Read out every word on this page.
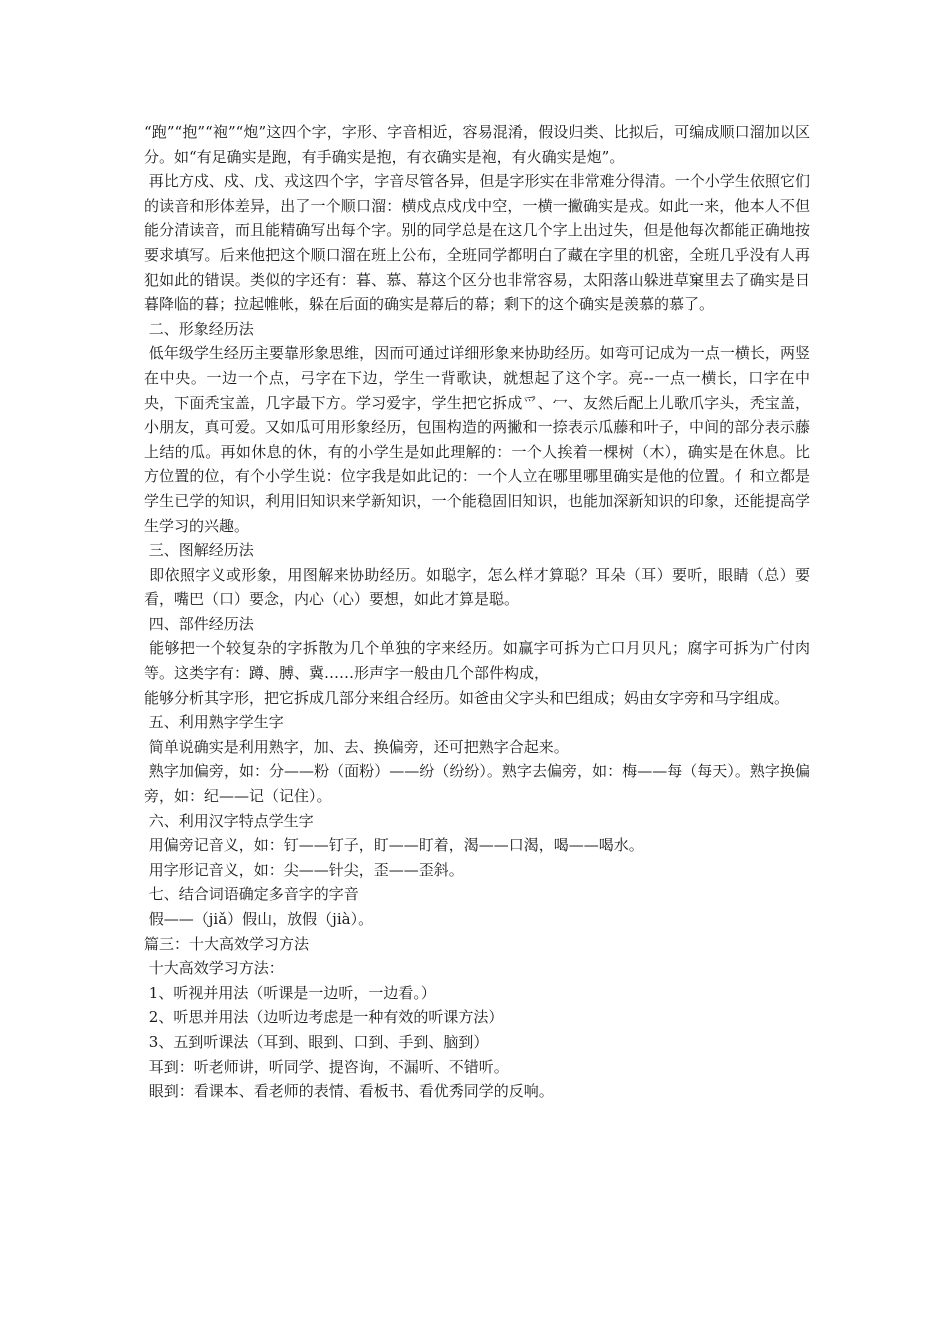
“跑”“抱”“袍”“炮”这四个字，字形、字音相近，容易混淆，假设归类、比拟后，可编成顺口溜加以区分。如“有足确实是跑，有手确实是抱，有衣确实是袍，有火确实是炮”。

再比方戍、戍、戊、戎这四个字，字音尽管各异，但是字形实在非常难分得清。一个小学生依照它们的读音和形体差异，出了一个顺口溜：横戍点戍戊中空，一横一撇确实是戎。如此一来，他本人不但能分清读音，而且能精确写出每个字。别的同学总是在这几个字上出过失，但是他每次都能正确地按要求填写。后来他把这个顺口溜在班上公布，全班同学都明白了藏在字里的机密，全班几乎没有人再犯如此的错误。类似的字还有：暮、慕、幕这个区分也非常容易，太阳落山躲进草窠里去了确实是日暮降临的暮；拉起帷帐，躲在后面的确实是幕后的幕；剩下的这个确实是羡慕的慕了。

二、形象经历法

低年级学生经历主要靠形象思维，因而可通过详细形象来协助经历。如弯可记成为一点一横长，两竖在中央。一边一个点，弓字在下边，学生一背歌诀，就想起了这个字。亮--一点一横长，口字在中央，下面秃宝盖，几字最下方。学习爱字，学生把它拆成爫、冖、友然后配上儿歌爪字头，秃宝盖，小朋友，真可爱。又如瓜可用形象经历，包围构造的两撇和一捺表示瓜藤和叶子，中间的部分表示藤上结的瓜。再如休息的休，有的小学生是如此理解的：一个人挨着一棵树（木），确实是在休息。比方位置的位，有个小学生说：位字我是如此记的：一个人立在哪里哪里确实是他的位置。亻和立都是学生已学的知识，利用旧知识来学新知识，一个能稳固旧知识，也能加深新知识的印象，还能提高学生学习的兴趣。

三、图解经历法

即依照字义或形象，用图解来协助经历。如聪字，怎么样才算聪？耳朵（耳）要听，眼睛（总）要看，嘴巴（口）要念，内心（心）要想，如此才算是聪。

四、部件经历法

能够把一个较复杂的字拆散为几个单独的字来经历。如赢字可拆为亡口月贝凡；腐字可拆为广付肉等。这类字有：蹲、膊、冀……形声字一般由几个部件构成，

能够分析其字形，把它拆成几部分来组合经历。如爸由父字头和巴组成；妈由女字旁和马字组成。

五、利用熟字学生字

简单说确实是利用熟字，加、去、换偏旁，还可把熟字合起来。

熟字加偏旁，如：分——粉（面粉）——纷（纷纷）。熟字去偏旁，如：梅——每（每天）。熟字换偏旁，如：纪——记（记住）。

六、利用汉字特点学生字

用偏旁记音义，如：钉——钉子，盯——盯着，渴——口渴，喝——喝水。

用字形记音义，如：尖——针尖，歪——歪斜。

七、结合词语确定多音字的字音

假——（jiǎ）假山，放假（jià）。

篇三：十大高效学习方法

十大高效学习方法：

1、听视并用法（听课是一边听，一边看。）

2、听思并用法（边听边考虑是一种有效的听课方法）

3、五到听课法（耳到、眼到、口到、手到、脑到）

耳到：听老师讲，听同学、提咨询，不漏听、不错听。

眼到：看课本、看老师的表情、看板书、看优秀同学的反响。
